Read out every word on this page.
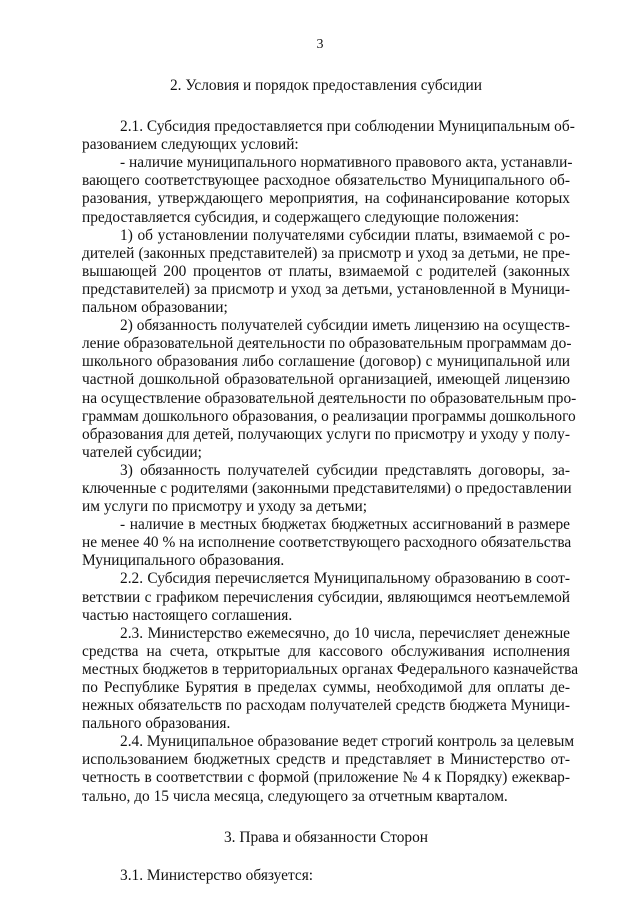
3
2. Условия и порядок предоставления субсидии
2.1. Субсидия предоставляется при соблюдении Муниципальным об-
разованием следующих условий:
- наличие муниципального нормативного правового акта, устанавли-
вающего соответствующее расходное обязательство Муниципального об-
разования, утверждающего мероприятия, на софинансирование которых
предоставляется субсидия, и содержащего следующие положения:
1) об установлении получателями субсидии платы, взимаемой с ро-
дителей (законных представителей) за присмотр и уход за детьми, не пре-
вышающей 200 процентов от платы, взимаемой с родителей (законных
представителей) за присмотр и уход за детьми, установленной в Муници-
пальном образовании;
2) обязанность получателей субсидии иметь лицензию на осуществ-
ление образовательной деятельности по образовательным программам до-
школьного образования либо соглашение (договор) с муниципальной или
частной дошкольной образовательной организацией, имеющей лицензию
на осуществление образовательной деятельности по образовательным про-
граммам дошкольного образования, о реализации программы дошкольного
образования для детей, получающих услуги по присмотру и уходу у полу-
чателей субсидии;
3) обязанность получателей субсидии представлять договоры, за-
ключенные с родителями (законными представителями) о предоставлении
им услуги по присмотру и уходу за детьми;
- наличие в местных бюджетах бюджетных ассигнований в размере
не менее 40 % на исполнение соответствующего расходного обязательства
Муниципального образования.
2.2. Субсидия перечисляется Муниципальному образованию в соот-
ветствии с графиком перечисления субсидии, являющимся неотъемлемой
частью настоящего соглашения.
2.3. Министерство ежемесячно, до 10 числа, перечисляет денежные
средства на счета, открытые для кассового обслуживания исполнения
местных бюджетов в территориальных органах Федерального казначейства
по Республике Бурятия в пределах суммы, необходимой для оплаты де-
нежных обязательств по расходам получателей средств бюджета Муници-
пального образования.
2.4. Муниципальное образование ведет строгий контроль за целевым
использованием бюджетных средств и представляет в Министерство от-
четность в соответствии с формой (приложение № 4 к Порядку) ежеквар-
тально, до 15 числа месяца, следующего за отчетным кварталом.
3. Права и обязанности Сторон
3.1. Министерство обязуется:
